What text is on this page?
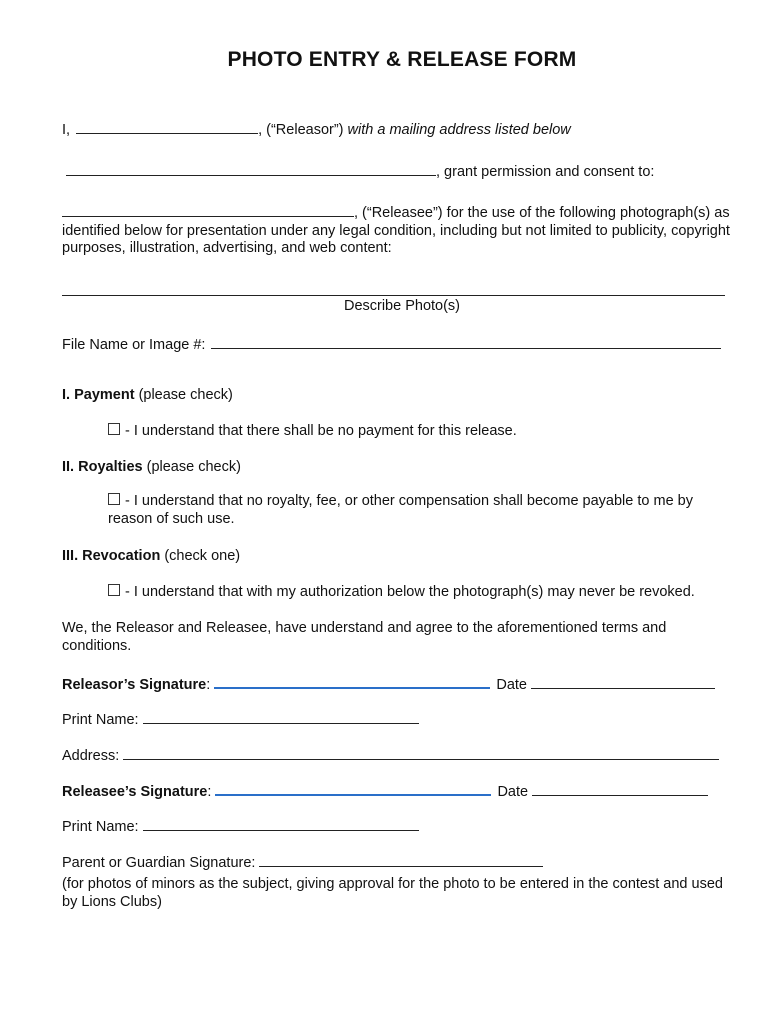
PHOTO ENTRY & RELEASE FORM
I,	, (“Releasor”) with a mailing address listed below
, grant permission and consent to:
, (“Releasee”) for the use of the following photograph(s) as identified below for presentation under any legal condition, including but not limited to publicity, copyright purposes, illustration, advertising, and web content:
Describe Photo(s)
File Name or Image #:
I. Payment (please check)
- I understand that there shall be no payment for this release.
II. Royalties (please check)
- I understand that no royalty, fee, or other compensation shall become payable to me by reason of such use.
III. Revocation (check one)
- I understand that with my authorization below the photograph(s) may never be revoked.
We, the Releasor and Releasee, have understand and agree to the aforementioned terms and conditions.
Releasor’s Signature:	Date
Print Name:
Address:
Releasee’s Signature:	Date
Print Name:
Parent or Guardian Signature:
(for photos of minors as the subject, giving approval for the photo to be entered in the contest and used by Lions Clubs)
